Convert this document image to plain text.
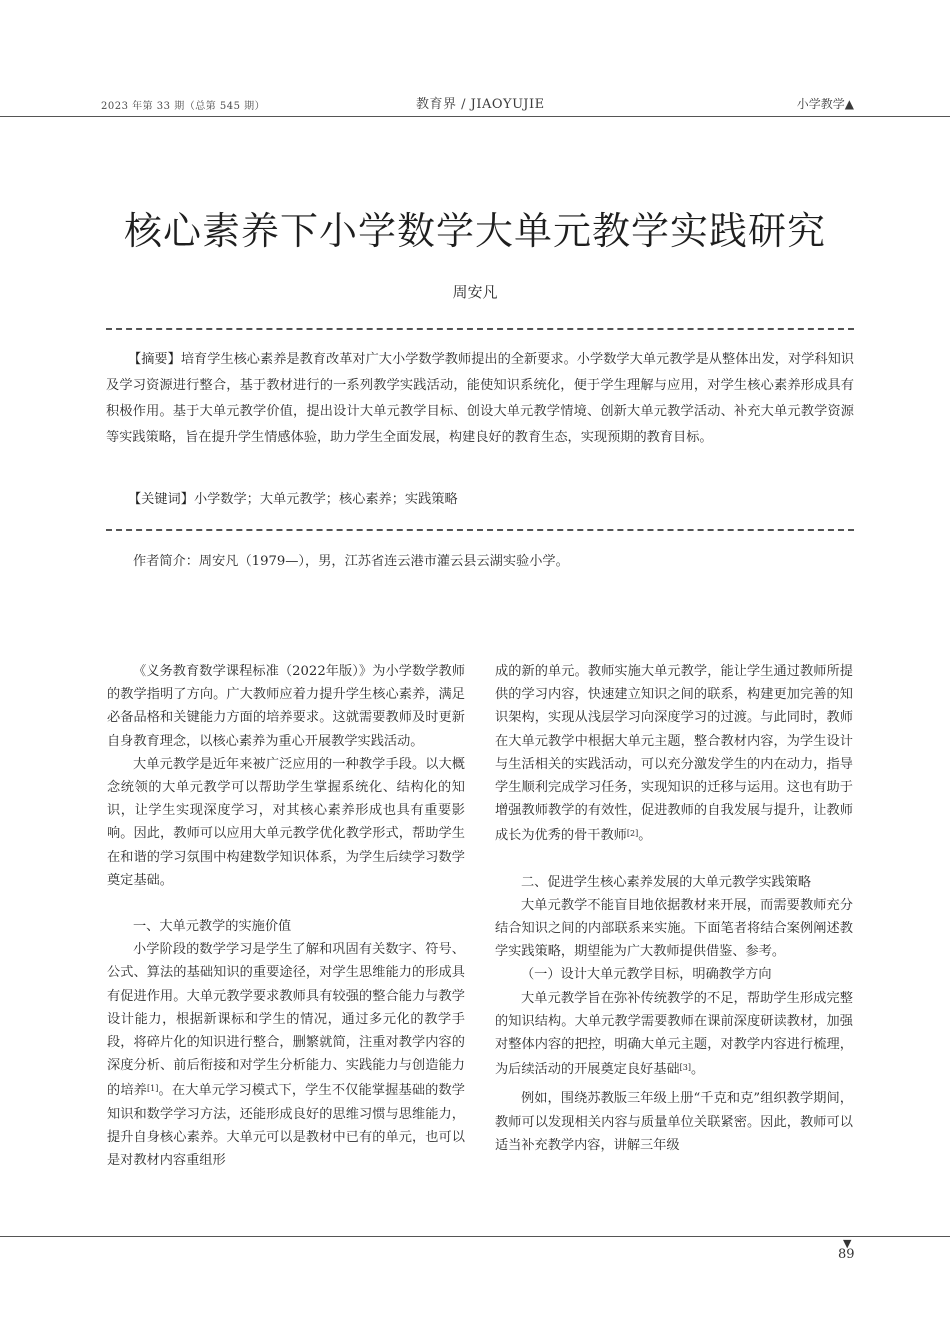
2023 年第 33 期（总第 545 期）	教育界 / JIAOYUJIE	小学教学▲
核心素养下小学数学大单元教学实践研究
周安凡

【摘要】培育学生核心素养是教育改革对广大小学数学教师提出的全新要求。小学数学大单元教学是从整体出发，对学科知识及学习资源进行整合，基于教材进行的一系列教学实践活动，能使知识系统化，便于学生理解与应用，对学生核心素养形成具有积极作用。基于大单元教学价值，提出设计大单元教学目标、创设大单元教学情境、创新大单元教学活动、补充大单元教学资源等实践策略，旨在提升学生情感体验，助力学生全面发展，构建良好的教育生态，实现预期的教育目标。

【关键词】小学数学；大单元教学；核心素养；实践策略

作者简介：周安凡（1979—），男，江苏省连云港市灌云县云湖实验小学。

《义务教育数学课程标准（2022年版）》为小学数学教师的教学指明了方向。广大教师应着力提升学生核心素养，满足必备品格和关键能力方面的培养要求。这就需要教师及时更新自身教育理念，以核心素养为重心开展教学实践活动。

大单元教学是近年来被广泛应用的一种教学手段。以大概念统领的大单元教学可以帮助学生掌握系统化、结构化的知识，让学生实现深度学习，对其核心素养形成也具有重要影响。因此，教师可以应用大单元教学优化教学形式，帮助学生在和谐的学习氛围中构建数学知识体系，为学生后续学习数学奠定基础。

一、大单元教学的实施价值

小学阶段的数学学习是学生了解和巩固有关数字、符号、公式、算法的基础知识的重要途径，对学生思维能力的形成具有促进作用。大单元教学要求教师具有较强的整合能力与教学设计能力，根据新课标和学生的情况，通过多元化的教学手段，将碎片化的知识进行整合，删繁就简，注重对教学内容的深度分析、前后衔接和对学生分析能力、实践能力与创造能力的培养[1]。在大单元学习模式下，学生不仅能掌握基础的数学知识和数学学习方法，还能形成良好的思维习惯与思维能力，提升自身核心素养。大单元可以是教材中已有的单元，也可以是对教材内容重组形

成的新的单元。教师实施大单元教学，能让学生通过教师所提供的学习内容，快速建立知识之间的联系，构建更加完善的知识架构，实现从浅层学习向深度学习的过渡。与此同时，教师在大单元教学中根据大单元主题，整合教材内容，为学生设计与生活相关的实践活动，可以充分激发学生的内在动力，指导学生顺利完成学习任务，实现知识的迁移与运用。这也有助于增强教师教学的有效性，促进教师的自我发展与提升，让教师成长为优秀的骨干教师[2]。

二、促进学生核心素养发展的大单元教学实践策略

大单元教学不能盲目地依据教材来开展，而需要教师充分结合知识之间的内部联系来实施。下面笔者将结合案例阐述教学实践策略，期望能为广大教师提供借鉴、参考。

（一）设计大单元教学目标，明确教学方向

大单元教学旨在弥补传统教学的不足，帮助学生形成完整的知识结构。大单元教学需要教师在课前深度研读教材，加强对整体内容的把控，明确大单元主题，对教学内容进行梳理，为后续活动的开展奠定良好基础[3]。

例如，围绕苏教版三年级上册“千克和克”组织教学期间，教师可以发现相关内容与质量单位关联紧密。因此，教师可以适当补充教学内容，讲解三年级

▼
89
